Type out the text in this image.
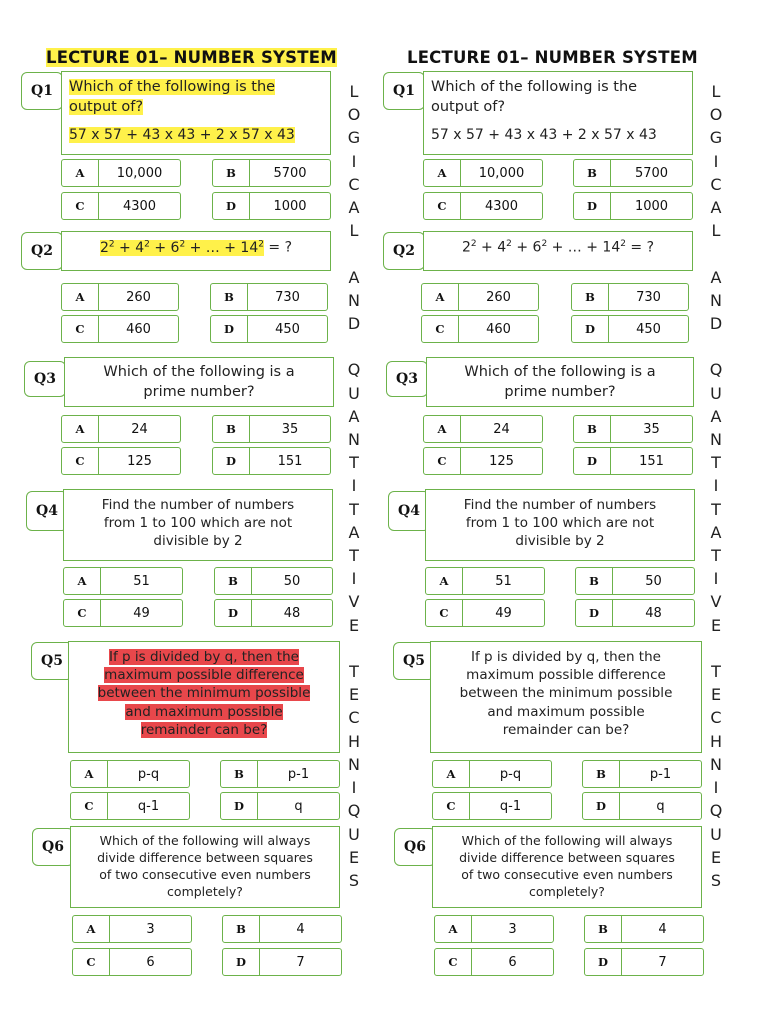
LECTURE 01– NUMBER SYSTEM
Q1	Which of the following is the
output of?
57 x 57 + 43 x 43 + 2 x 57 x 43
A	10,000	B	5700
C	4300	D	1000
Q2	$2^2 + 4^2 + 6^2$ + … + $14^2$ = ?
A	260	B	730
C	460	D	450
Q3	Which of the following is a
prime number?
A	24	B	35
C	125	D	151
Q4	Find the number of numbers
from 1 to 100 which are not
divisible by 2
A	51	B	50
C	49	D	48
Q5	If p is divided by q, then the
maximum possible difference
between the minimum possible
and maximum possible
remainder can be?
A	p-q	B	p-1
C	q-1	D	q
Q6	Which of the following will always
divide difference between squares
of two consecutive even numbers
completely?
A	3	B	4
C	6	D	7
L
O
G
I
C
A
L

A
N
D

Q
U
A
N
T
I
T
A
T
I
V
E

T
E
C
H
N
I
Q
U
E
S
LECTURE 01– NUMBER SYSTEM
Q1	Which of the following is the
output of?
57 x 57 + 43 x 43 + 2 x 57 x 43
A	10,000	B	5700
C	4300	D	1000
Q2	$2^2 + 4^2 + 6^2$ + … + $14^2$ = ?
A	260	B	730
C	460	D	450
Q3	Which of the following is a
prime number?
A	24	B	35
C	125	D	151
Q4	Find the number of numbers
from 1 to 100 which are not
divisible by 2
A	51	B	50
C	49	D	48
Q5	If p is divided by q, then the
maximum possible difference
between the minimum possible
and maximum possible
remainder can be?
A	p-q	B	p-1
C	q-1	D	q
Q6	Which of the following will always
divide difference between squares
of two consecutive even numbers
completely?
A	3	B	4
C	6	D	7
L
O
G
I
C
A
L

A
N
D

Q
U
A
N
T
I
T
A
T
I
V
E

T
E
C
H
N
I
Q
U
E
S
